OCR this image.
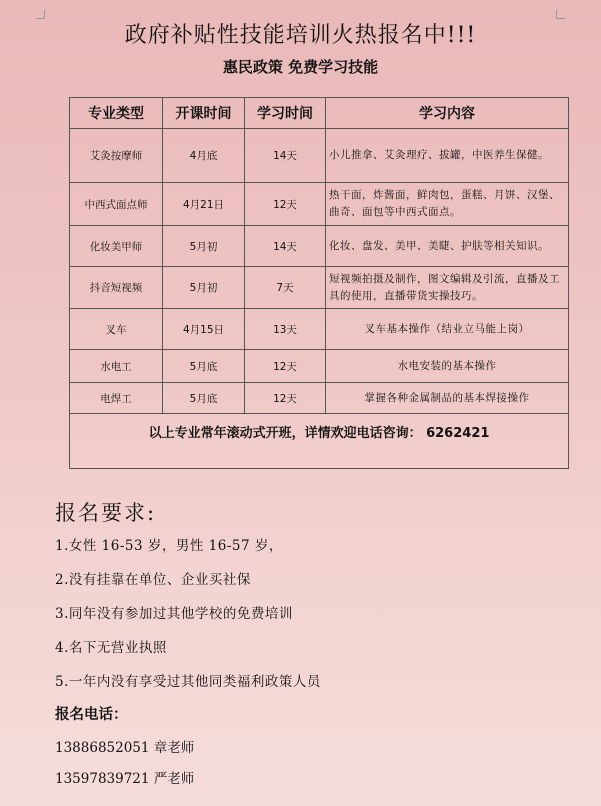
政府补贴性技能培训火热报名中!!!
惠民政策 免费学习技能
专业类型	开课时间	学习时间	学习内容
艾灸按摩师	4月底	14天	小儿推拿、艾灸理疗、拔罐，中医养生保健。
中西式面点师	4月21日	12天	热干面，炸酱面，鲜肉包，蛋糕、月饼、汉堡、曲奇、面包等中西式面点。
化妆美甲师	5月初	14天	化妆、盘发、美甲、美睫、护肤等相关知识。
抖音短视频	5月初	7天	短视频拍摄及制作，图文编辑及引流，直播及工具的使用，直播带货实操技巧。
叉车	4月15日	13天	叉车基本操作（结业立马能上岗）
水电工	5月底	12天	水电安装的基本操作
电焊工	5月底	12天	掌握各种金属制品的基本焊接操作
以上专业常年滚动式开班，详情欢迎电话咨询： 6262421			
报名要求:
1.女性 16-53 岁，男性 16-57 岁，
2.没有挂靠在单位、企业买社保
3.同年没有参加过其他学校的免费培训
4.名下无营业执照
5.一年内没有享受过其他同类福利政策人员
报名电话：
13886852051 章老师
13597839721 严老师
